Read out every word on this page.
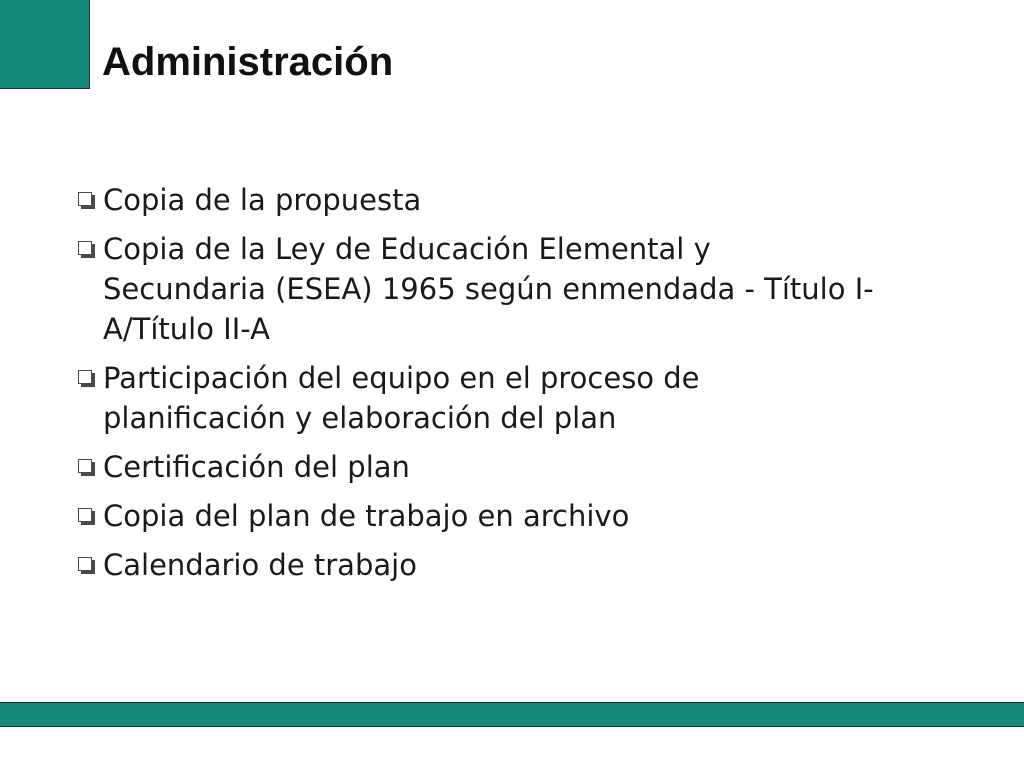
Administración
Copia de la propuesta
Copia de la Ley de Educación Elemental y Secundaria (ESEA) 1965 según enmendada - Título I-A/Título II-A
Participación del equipo en el proceso de planificación y elaboración del plan
Certificación del plan
Copia del plan de trabajo en archivo
Calendario de trabajo
